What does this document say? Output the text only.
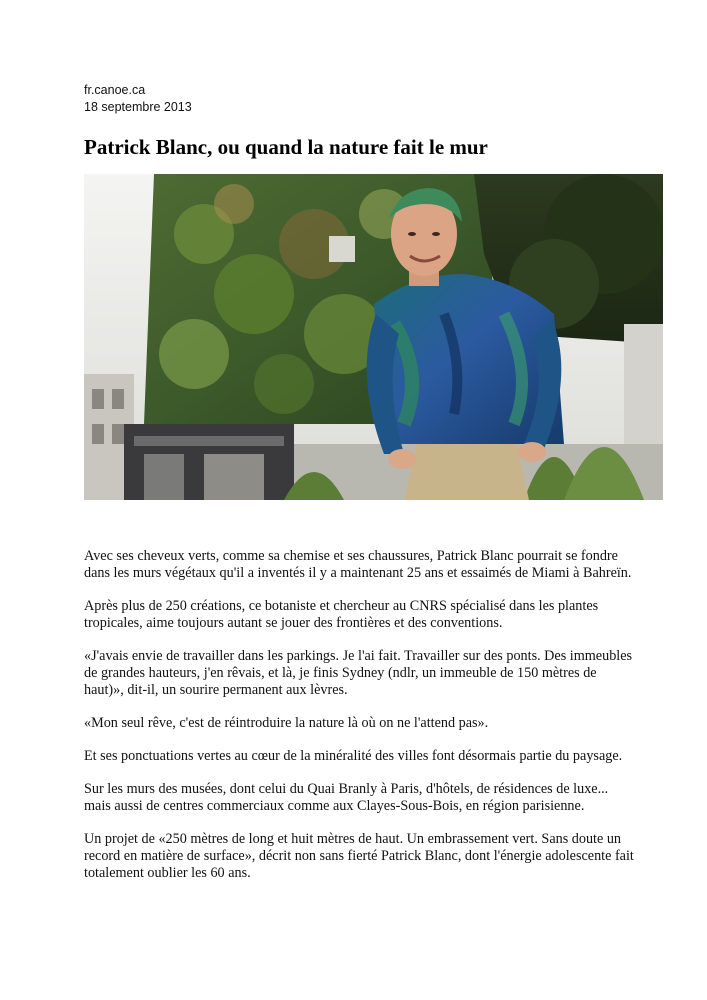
fr.canoe.ca
18 septembre 2013
Patrick Blanc, ou quand la nature fait le mur

Avec ses cheveux verts, comme sa chemise et ses chaussures, Patrick Blanc pourrait se fondre dans les murs végétaux qu'il a inventés il y a maintenant 25 ans et essaimés de Miami à Bahreïn.

Après plus de 250 créations, ce botaniste et chercheur au CNRS spécialisé dans les plantes tropicales, aime toujours autant se jouer des frontières et des conventions.

«J'avais envie de travailler dans les parkings. Je l'ai fait. Travailler sur des ponts. Des immeubles de grandes hauteurs, j'en rêvais, et là, je finis Sydney (ndlr, un immeuble de 150 mètres de haut)», dit-il, un sourire permanent aux lèvres.

«Mon seul rêve, c'est de réintroduire la nature là où on ne l'attend pas».

Et ses ponctuations vertes au cœur de la minéralité des villes font désormais partie du paysage.

Sur les murs des musées, dont celui du Quai Branly à Paris, d'hôtels, de résidences de luxe... mais aussi de centres commerciaux comme aux Clayes-Sous-Bois, en région parisienne.

Un projet de «250 mètres de long et huit mètres de haut. Un embrassement vert. Sans doute un record en matière de surface», décrit non sans fierté Patrick Blanc, dont l'énergie adolescente fait totalement oublier les 60 ans.
